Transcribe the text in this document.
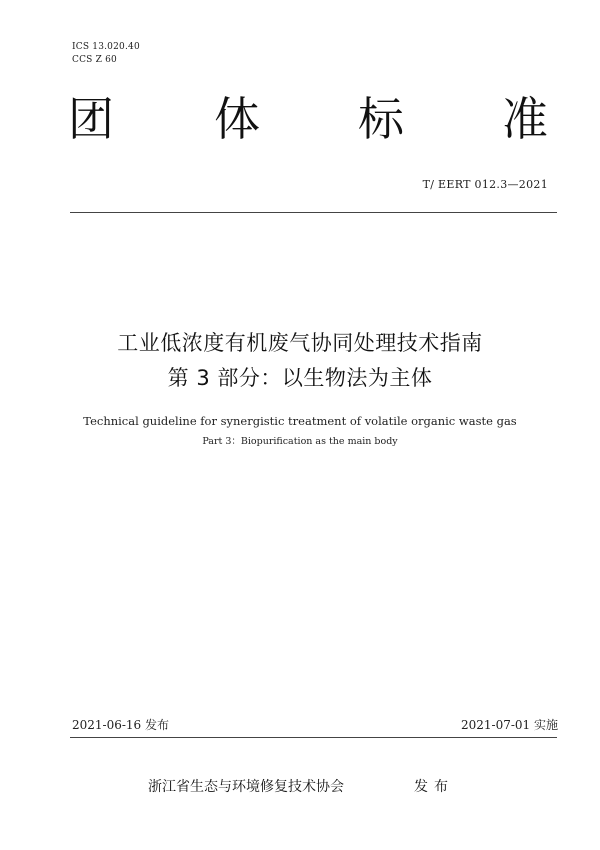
ICS 13.020.40
CCS Z 60
团 体 标 准
T/ EERT 012.3—2021
工业低浓度有机废气协同处理技术指南
第 3 部分：以生物法为主体
Technical guideline for synergistic treatment of volatile organic waste gas
Part 3：Biopurification as the main body
2021-06-16 发布	2021-07-01 实施
浙江省生态与环境修复技术协会	发布
